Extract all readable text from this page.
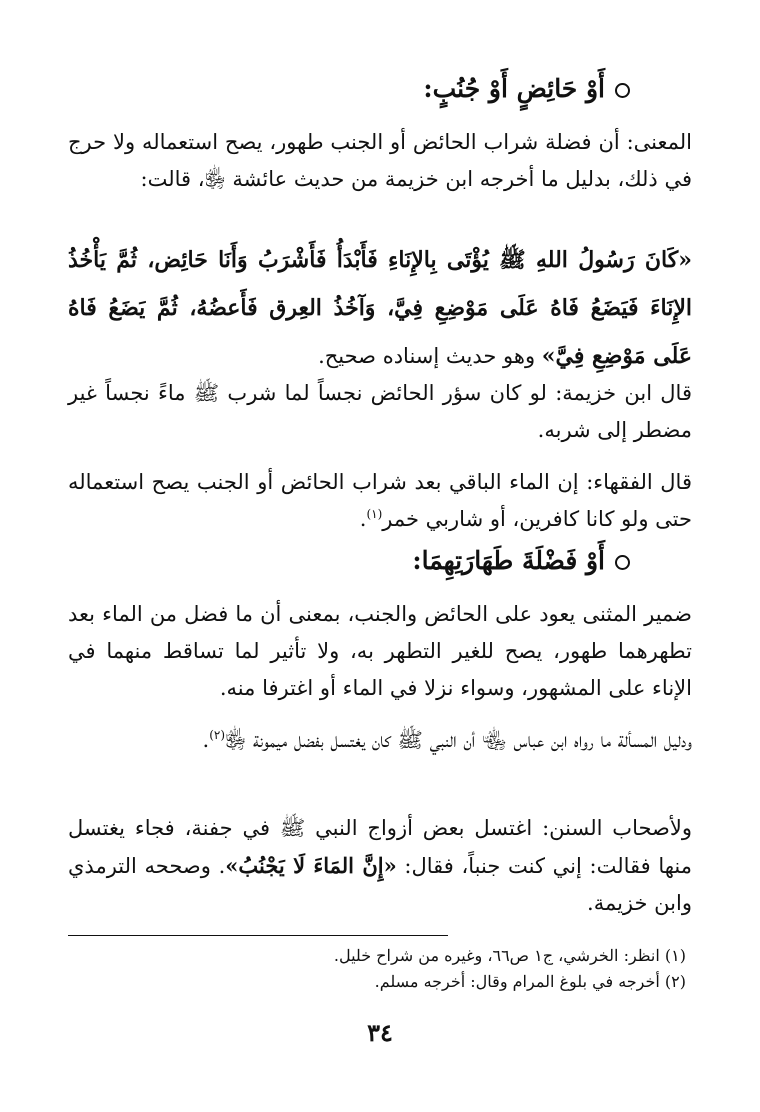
أَوْ حَائِضٍ أَوْ جُنُبٍ:
المعنى: أن فضلة شراب الحائض أو الجنب طهور، يصح استعماله ولا حرج في ذلك، بدليل ما أخرجه ابن خزيمة من حديث عائشة ﵂، قالت:
«كَانَ رَسُولُ اللهِ ﷺ يُؤْتَى بِالإِنَاءِ فَأَبْدَأُ فَأَشْرَبُ وَأَنَا حَائِض، ثُمَّ يَأْخُذُ الإِنَاءَ فَيَضَعُ فَاهُ عَلَى مَوْضِعِ فِيَّ، وَآخُذُ العِرق فَأَعضُهُ، ثُمَّ يَضَعُ فَاهُ عَلَى مَوْضِعِ فِيَّ» وهو حديث إسناده صحيح.
قال ابن خزيمة: لو كان سؤر الحائض نجساً لما شرب ﷺ ماءً نجساً غير مضطر إلى شربه.
قال الفقهاء: إن الماء الباقي بعد شراب الحائض أو الجنب يصح استعماله حتى ولو كانا كافرين، أو شاربي خمر$^{(١)}$.
أَوْ فَضْلَةَ طَهَارَتِهِمَا:
ضمير المثنى يعود على الحائض والجنب، بمعنى أن ما فضل من الماء بعد تطهرهما طهور، يصح للغير التطهر به، ولا تأثير لما تساقط منهما في الإناء على المشهور، وسواء نزلا في الماء أو اغترفا منه.
ودليل المسألة ما رواه ابن عباس ﵄ أن النبي ﷺ كان يغتسل بفضل ميمونة ﵂$^{(٢)}$.
ولأصحاب السنن: اغتسل بعض أزواج النبي ﷺ في جفنة، فجاء يغتسل منها فقالت: إني كنت جنباً، فقال: «إِنَّ المَاءَ لَا يَجْنُبُ». وصححه الترمذي وابن خزيمة.
(١) انظر: الخرشي، ج١ ص٦٦، وغيره من شراح خليل.
(٢) أخرجه في بلوغ المرام وقال: أخرجه مسلم.
٣٤
